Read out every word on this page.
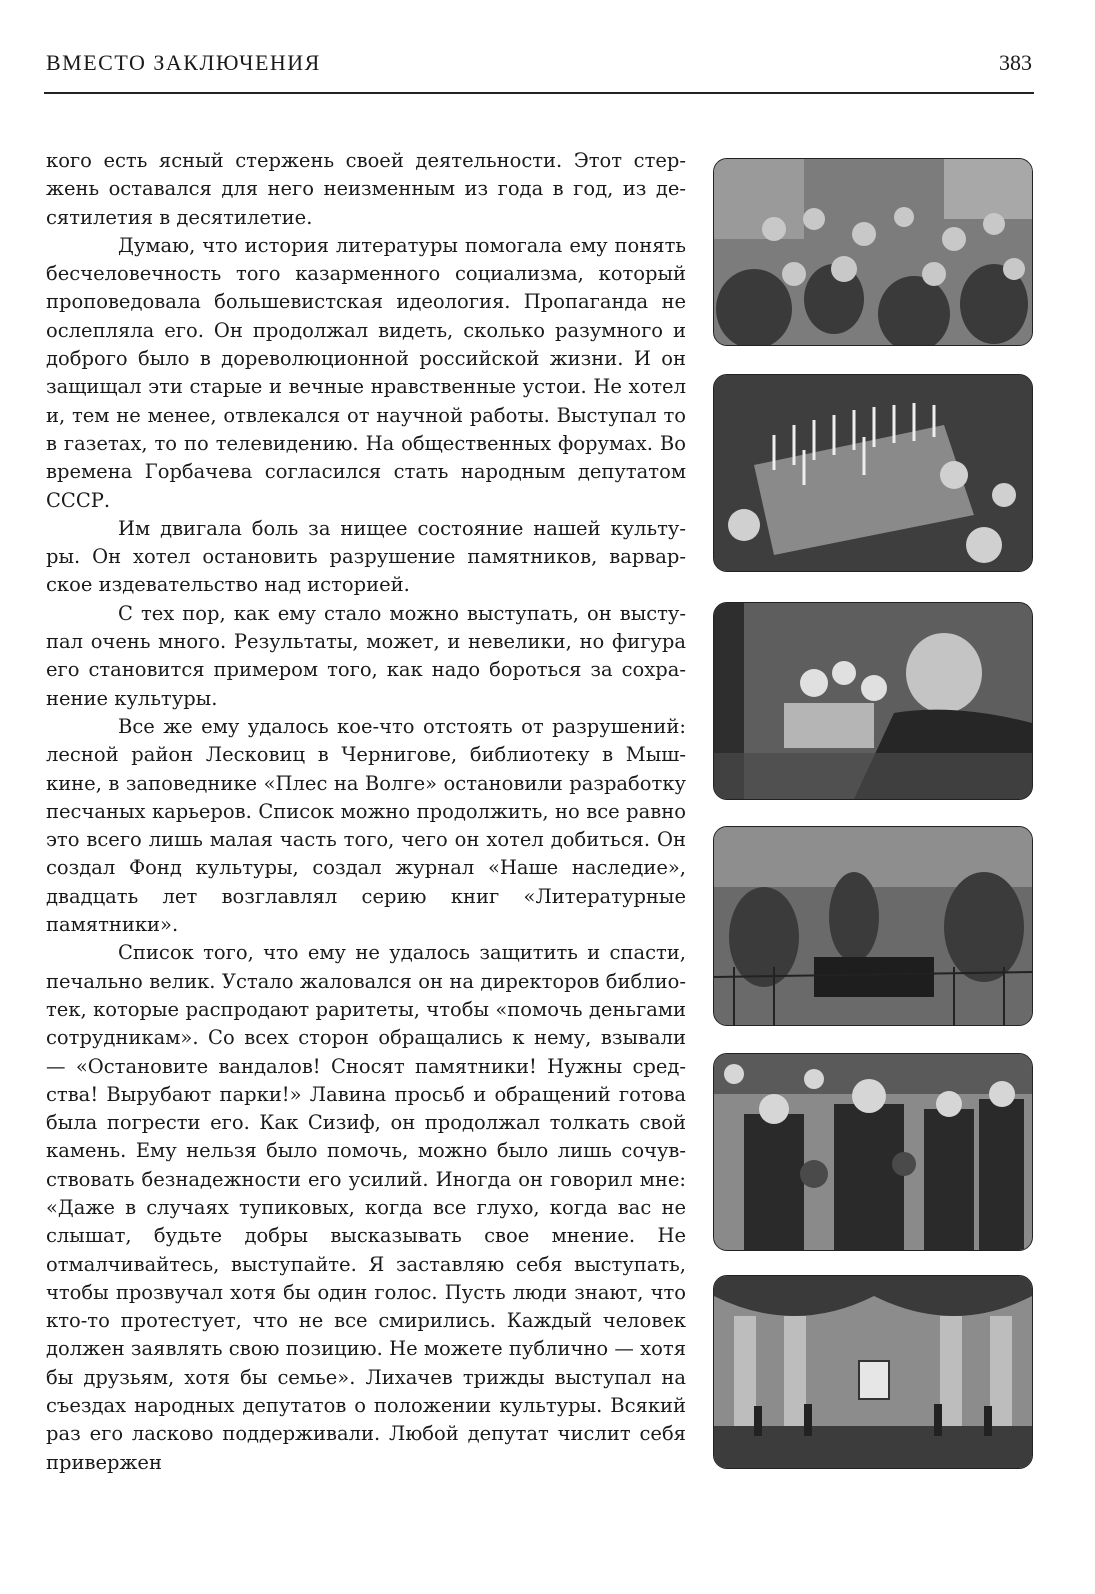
ВМЕСТО ЗАКЛЮЧЕНИЯ	383

кого есть ясный стержень своей деятельности. Этот стержень оставался для него неизменным из года в год, из десятилетия в десятилетие.

Думаю, что история литературы помогала ему понять бесчеловечность того казарменного социализма, который проповедовала большевистская идеология. Пропаганда не ослепляла его. Он продолжал видеть, сколько разумного и доброго было в дореволюционной российской жизни. И он защищал эти старые и вечные нравственные устои. Не хотел и, тем не менее, отвлекался от научной работы. Выступал то в газетах, то по телевидению. На общественных форумах. Во времена Горбачева согласился стать народным депутатом СССР.

Им двигала боль за нищее состояние нашей культуры. Он хотел остановить разрушение памятников, варварское издевательство над историей.

С тех пор, как ему стало можно выступать, он выступал очень много. Результаты, может, и невелики, но фигура его становится примером того, как надо бороться за сохранение культуры.

Все же ему удалось кое-что отстоять от разрушений: лесной район Лесковиц в Чернигове, библиотеку в Мышкине, в заповеднике «Плес на Волге» остановили разработку песчаных карьеров. Список можно продолжить, но все равно это всего лишь малая часть того, чего он хотел добиться. Он создал Фонд культуры, создал журнал «Наше наследие», двадцать лет возглавлял серию книг «Литературные памятники».

Список того, что ему не удалось защитить и спасти, печально велик. Устало жаловался он на директоров библиотек, которые распродают раритеты, чтобы «помочь деньгами сотрудникам». Со всех сторон обращались к нему, взывали — «Остановите вандалов! Сносят памятники! Нужны средства! Вырубают парки!» Лавина просьб и обращений готова была погрести его. Как Сизиф, он продолжал толкать свой камень. Ему нельзя было помочь, можно было лишь сочувствовать безнадежности его усилий. Иногда он говорил мне: «Даже в случаях тупиковых, когда все глухо, когда вас не слышат, будьте добры высказывать свое мнение. Не отмалчивайтесь, выступайте. Я заставляю себя выступать, чтобы прозвучал хотя бы один голос. Пусть люди знают, что кто-то протестует, что не все смирились. Каждый человек должен заявлять свою позицию. Не можете публично — хотя бы друзьям, хотя бы семье». Лихачев трижды выступал на съездах народных депутатов о положении культуры. Всякий раз его ласково поддерживали. Любой депутат числит себя привержен
